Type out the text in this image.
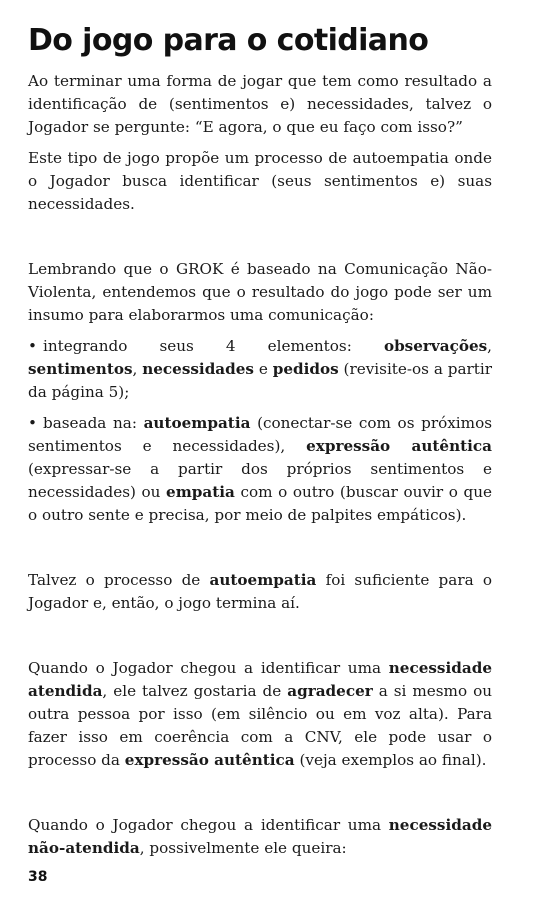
Do jogo para o cotidiano

Ao terminar uma forma de jogar que tem como resultado a identificação de (sentimentos e) necessidades, talvez o Jogador se pergunte: “E agora, o que eu faço com isso?”

Este tipo de jogo propõe um processo de autoempatia onde o Jogador busca identificar (seus sentimentos e) suas necessidades.

Lembrando que o GROK é baseado na Comunicação Não-Violenta, entendemos que o resultado do jogo pode ser um insumo para elaborarmos uma comunicação:

• integrando seus 4 elementos: observações, sentimentos, necessidades e pedidos (revisite-os a partir da página 5);
• baseada na: autoempatia (conectar-se com os próximos sentimentos e necessidades), expressão autêntica (expressar-se a partir dos próprios sentimentos e necessidades) ou empatia com o outro (buscar ouvir o que o outro sente e precisa, por meio de palpites empáticos).

Talvez o processo de autoempatia foi suficiente para o Jogador e, então, o jogo termina aí.

Quando o Jogador chegou a identificar uma necessidade atendida, ele talvez gostaria de agradecer a si mesmo ou outra pessoa por isso (em silêncio ou em voz alta). Para fazer isso em coerência com a CNV, ele pode usar o processo da expressão autêntica (veja exemplos ao final).

Quando o Jogador chegou a identificar uma necessidade não-atendida, possivelmente ele queira:

38
